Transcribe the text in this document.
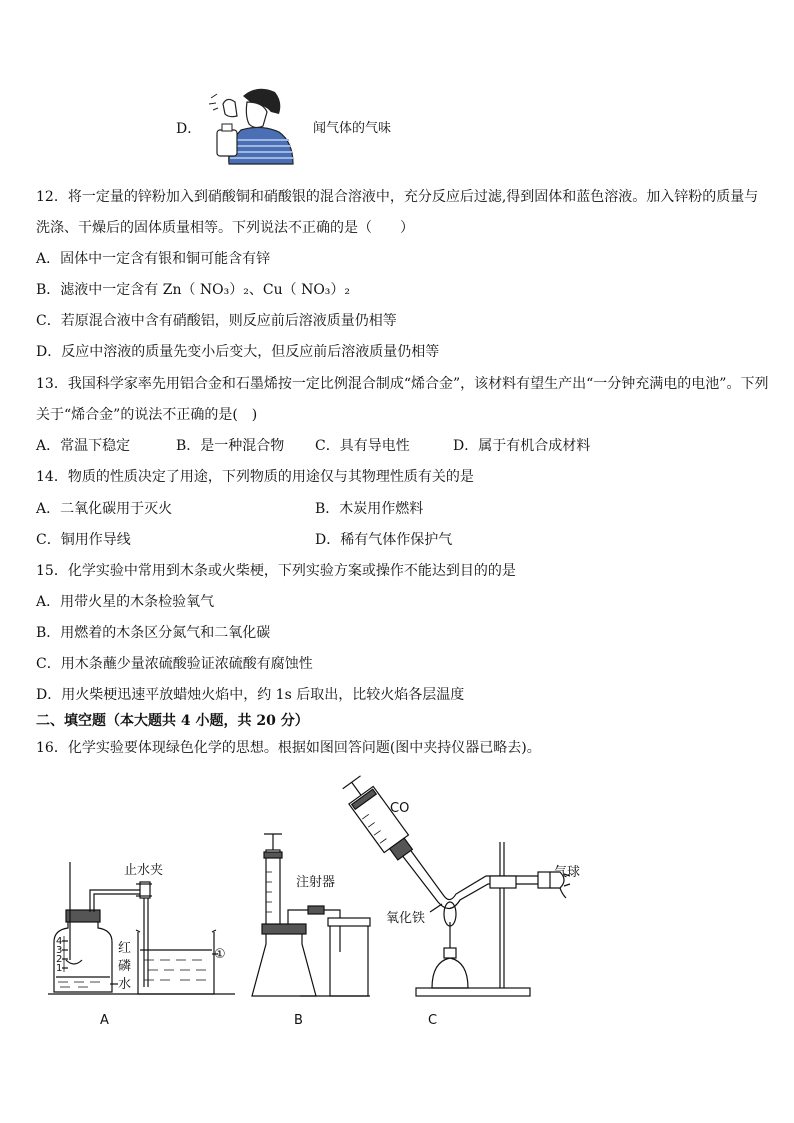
D．	闻气体的气味
12．将一定量的锌粉加入到硝酸铜和硝酸银的混合溶液中，充分反应后过滤,得到固体和蓝色溶液。加入锌粉的质量与
洗涤、干燥后的固体质量相等。下列说法不正确的是（　　）
A．固体中一定含有银和铜可能含有锌
B．滤液中一定含有 Zn（ NO₃）₂、Cu（ NO₃）₂
C．若原混合液中含有硝酸铝，则反应前后溶液质量仍相等
D．反应中溶液的质量先变小后变大，但反应前后溶液质量仍相等
13．我国科学家率先用铝合金和石墨烯按一定比例混合制成“烯合金”，该材料有望生产出“一分钟充满电的电池”。下列
关于“烯合金”的说法不正确的是(　)
A．常温下稳定	B．是一种混合物 C．具有导电性	D．属于有机合成材料
14．物质的性质决定了用途，下列物质的用途仅与其物理性质有关的是
A．二氧化碳用于灭火	B．木炭用作燃料
C．铜用作导线	D．稀有气体作保护气
15．化学实验中常用到木条或火柴梗，下列实验方案或操作不能达到目的的是
A．用带火星的木条检验氧气
B．用燃着的木条区分氮气和二氧化碳
C．用木条蘸少量浓硫酸验证浓硫酸有腐蚀性
D．用火柴梗迅速平放蜡烛火焰中，约 1s 后取出，比较火焰各层温度
二、填空题（本大题共 4 小题，共 20 分）
16．化学实验要体现绿色化学的思想。根据如图回答问题(图中夹持仪器已略去)。
4
3
2
1
止水夹
红
磷
水
①
A
注射器
B
CO
气球
氧化铁
C
